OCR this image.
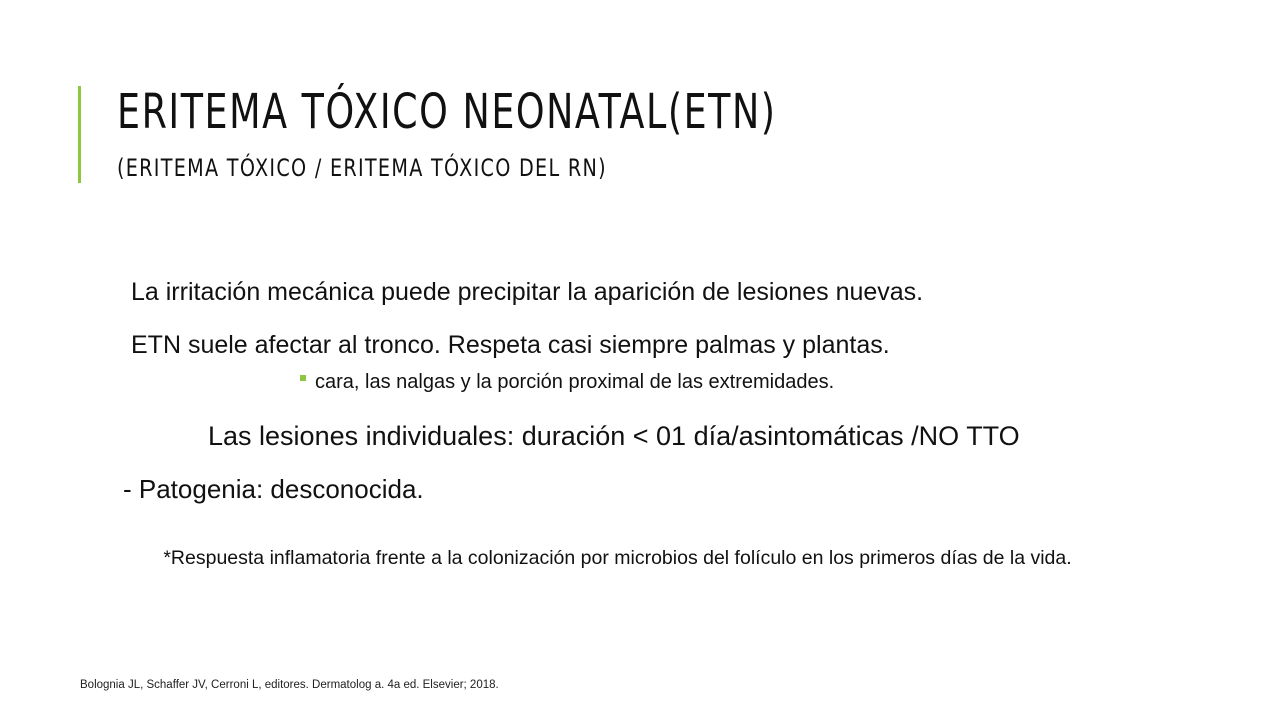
ERITEMA TÓXICO NEONATAL(ETN)
(ERITEMA TÓXICO / ERITEMA TÓXICO DEL RN)

La irritación mecánica puede precipitar la aparición de lesiones nuevas.

ETN suele afectar al tronco. Respeta casi siempre palmas y plantas.

cara, las nalgas y la porción proximal de las extremidades.

Las lesiones individuales: duración < 01 día/asintomáticas /NO TTO

- Patogenia: desconocida.

*Respuesta inflamatoria frente a la colonización por microbios del folículo en los primeros días de la vida.

Bolognia JL, Schaffer JV, Cerroni L, editores. Dermatolog a. 4a ed. Elsevier; 2018.
